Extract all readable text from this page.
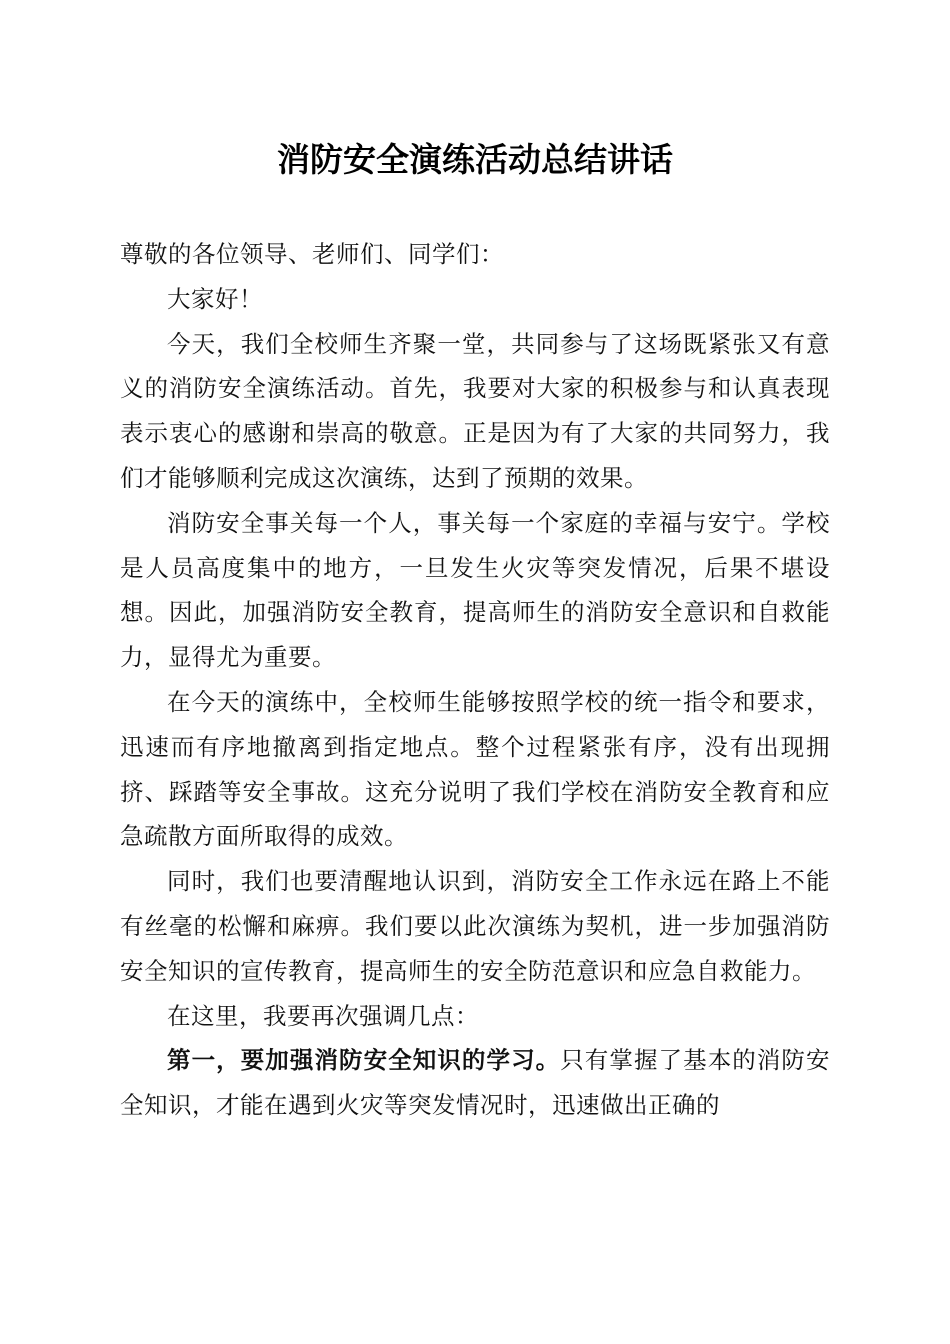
消防安全演练活动总结讲话

尊敬的各位领导、老师们、同学们：

大家好！

今天，我们全校师生齐聚一堂，共同参与了这场既紧张又有意义的消防安全演练活动。首先，我要对大家的积极参与和认真表现表示衷心的感谢和崇高的敬意。正是因为有了大家的共同努力，我们才能够顺利完成这次演练，达到了预期的效果。

消防安全事关每一个人，事关每一个家庭的幸福与安宁。学校是人员高度集中的地方，一旦发生火灾等突发情况，后果不堪设想。因此，加强消防安全教育，提高师生的消防安全意识和自救能力，显得尤为重要。

在今天的演练中，全校师生能够按照学校的统一指令和要求，迅速而有序地撤离到指定地点。整个过程紧张有序，没有出现拥挤、踩踏等安全事故。这充分说明了我们学校在消防安全教育和应急疏散方面所取得的成效。

同时，我们也要清醒地认识到，消防安全工作永远在路上不能有丝毫的松懈和麻痹。我们要以此次演练为契机，进一步加强消防安全知识的宣传教育，提高师生的安全防范意识和应急自救能力。

在这里，我要再次强调几点：

第一，要加强消防安全知识的学习。只有掌握了基本的消防安全知识，才能在遇到火灾等突发情况时，迅速做出正确的
